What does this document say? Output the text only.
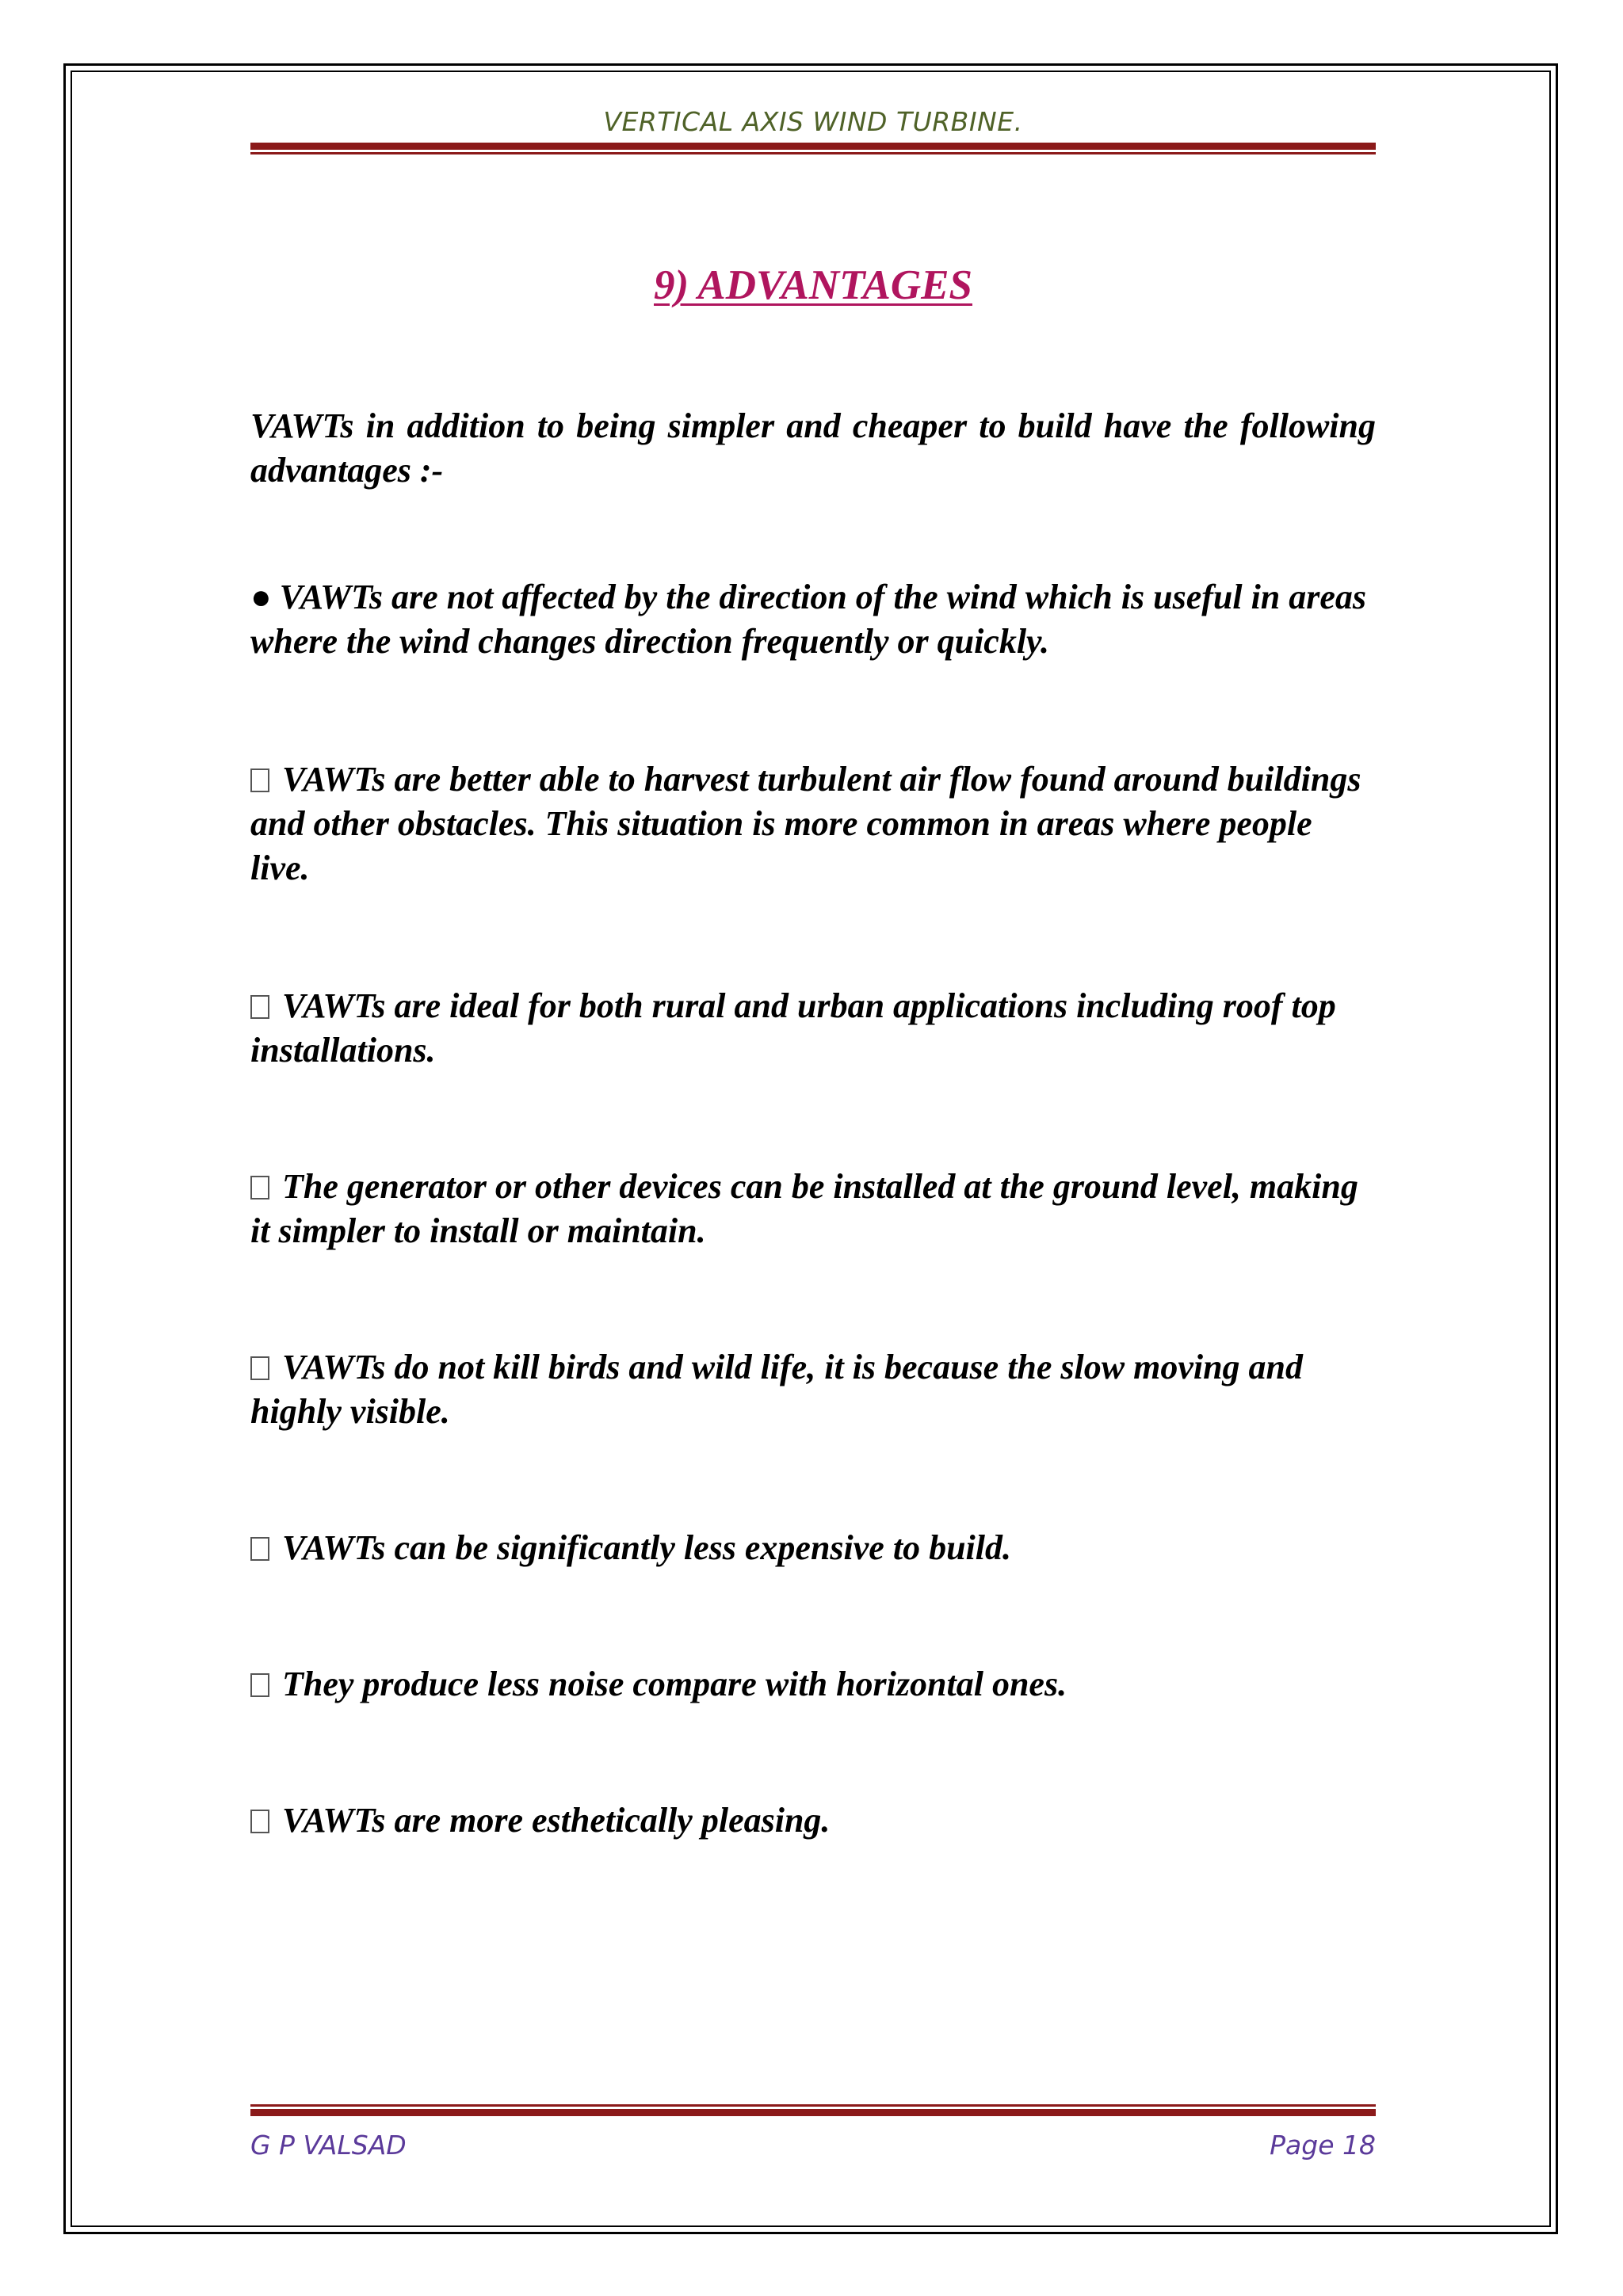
VERTICAL AXIS WIND TURBINE.
9) ADVANTAGES
VAWTs in addition to being simpler and cheaper to build have the following advantages :-
● VAWTs are not affected by the direction of the wind which is useful in areas where the wind changes direction frequently or quickly.
VAWTs are better able to harvest turbulent air flow found around buildings and other obstacles. This situation is more common in areas where people live.
VAWTs are ideal for both rural and urban applications including roof top installations.
The generator or other devices can be installed at the ground level, making it simpler to install or maintain.
VAWTs do not kill birds and wild life, it is because the slow moving and highly visible.
VAWTs can be significantly less expensive to build.
They produce less noise compare with horizontal ones.
VAWTs are more esthetically pleasing.
G P VALSAD	Page 18
